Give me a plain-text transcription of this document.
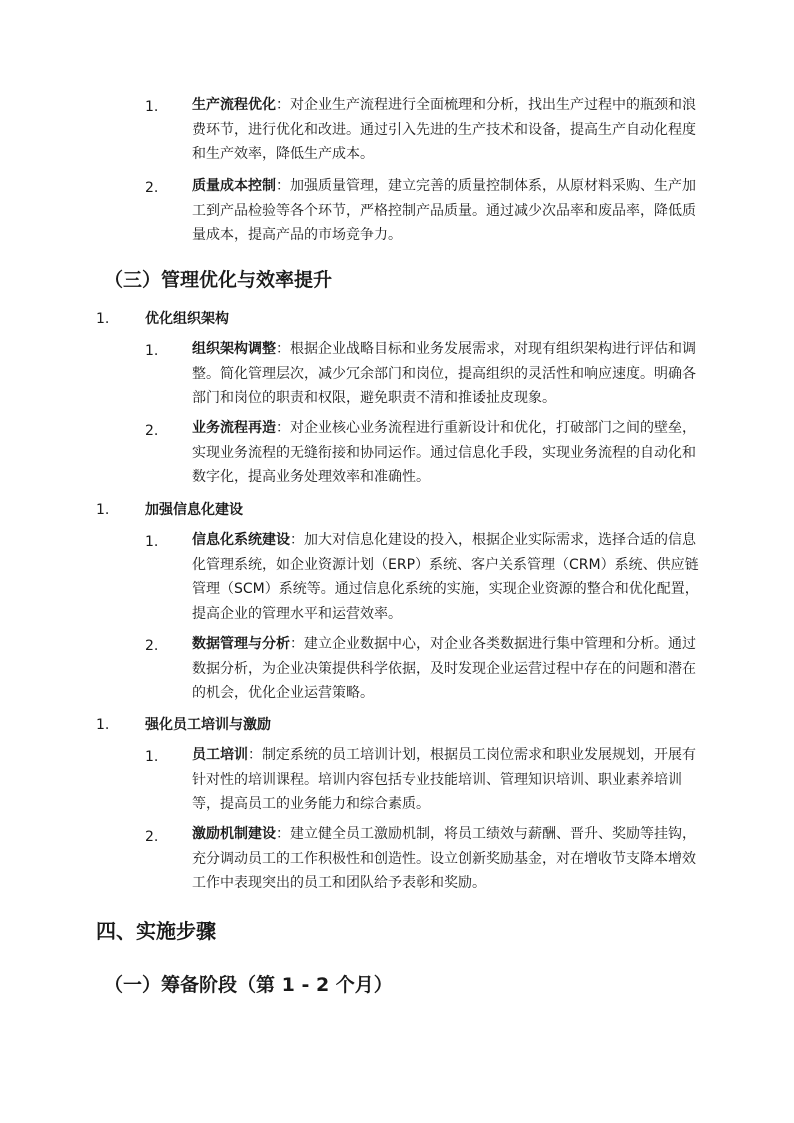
1. 生产流程优化：对企业生产流程进行全面梳理和分析，找出生产过程中的瓶颈和浪费环节，进行优化和改进。通过引入先进的生产技术和设备，提高生产自动化程度和生产效率，降低生产成本。
2. 质量成本控制：加强质量管理，建立完善的质量控制体系，从原材料采购、生产加工到产品检验等各个环节，严格控制产品质量。通过减少次品率和废品率，降低质量成本，提高产品的市场竞争力。
（三）管理优化与效率提升
1.	优化组织架构
1. 组织架构调整：根据企业战略目标和业务发展需求，对现有组织架构进行评估和调整。简化管理层次，减少冗余部门和岗位，提高组织的灵活性和响应速度。明确各部门和岗位的职责和权限，避免职责不清和推诿扯皮现象。
2. 业务流程再造：对企业核心业务流程进行重新设计和优化，打破部门之间的壁垒，实现业务流程的无缝衔接和协同运作。通过信息化手段，实现业务流程的自动化和数字化，提高业务处理效率和准确性。
1.	加强信息化建设
1. 信息化系统建设：加大对信息化建设的投入，根据企业实际需求，选择合适的信息化管理系统，如企业资源计划（ERP）系统、客户关系管理（CRM）系统、供应链管理（SCM）系统等。通过信息化系统的实施，实现企业资源的整合和优化配置，提高企业的管理水平和运营效率。
2. 数据管理与分析：建立企业数据中心，对企业各类数据进行集中管理和分析。通过数据分析，为企业决策提供科学依据，及时发现企业运营过程中存在的问题和潜在的机会，优化企业运营策略。
1.	强化员工培训与激励
1. 员工培训：制定系统的员工培训计划，根据员工岗位需求和职业发展规划，开展有针对性的培训课程。培训内容包括专业技能培训、管理知识培训、职业素养培训等，提高员工的业务能力和综合素质。
2. 激励机制建设：建立健全员工激励机制，将员工绩效与薪酬、晋升、奖励等挂钩，充分调动员工的工作积极性和创造性。设立创新奖励基金，对在增收节支降本增效工作中表现突出的员工和团队给予表彰和奖励。
四、实施步骤
（一）筹备阶段（第 1 - 2 个月）
